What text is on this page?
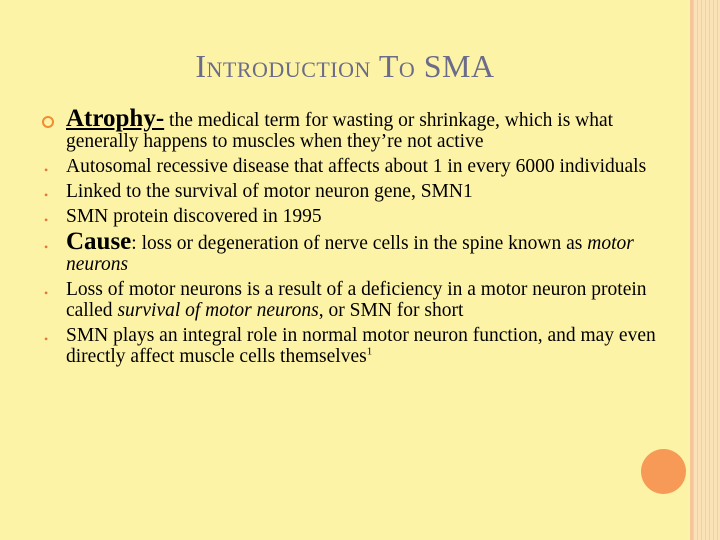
Introduction To SMA
Atrophy- the medical term for wasting or shrinkage, which is what generally happens to muscles when they’re not active
• Autosomal recessive disease that affects about 1 in every 6000 individuals
• Linked to the survival of motor neuron gene, SMN1
• SMN protein discovered in 1995
• Cause: loss or degeneration of nerve cells in the spine known as motor neurons
• Loss of motor neurons is a result of a deficiency in a motor neuron protein called survival of motor neurons, or SMN for short
• SMN plays an integral role in normal motor neuron function, and may even directly affect muscle cells themselves$^1$
